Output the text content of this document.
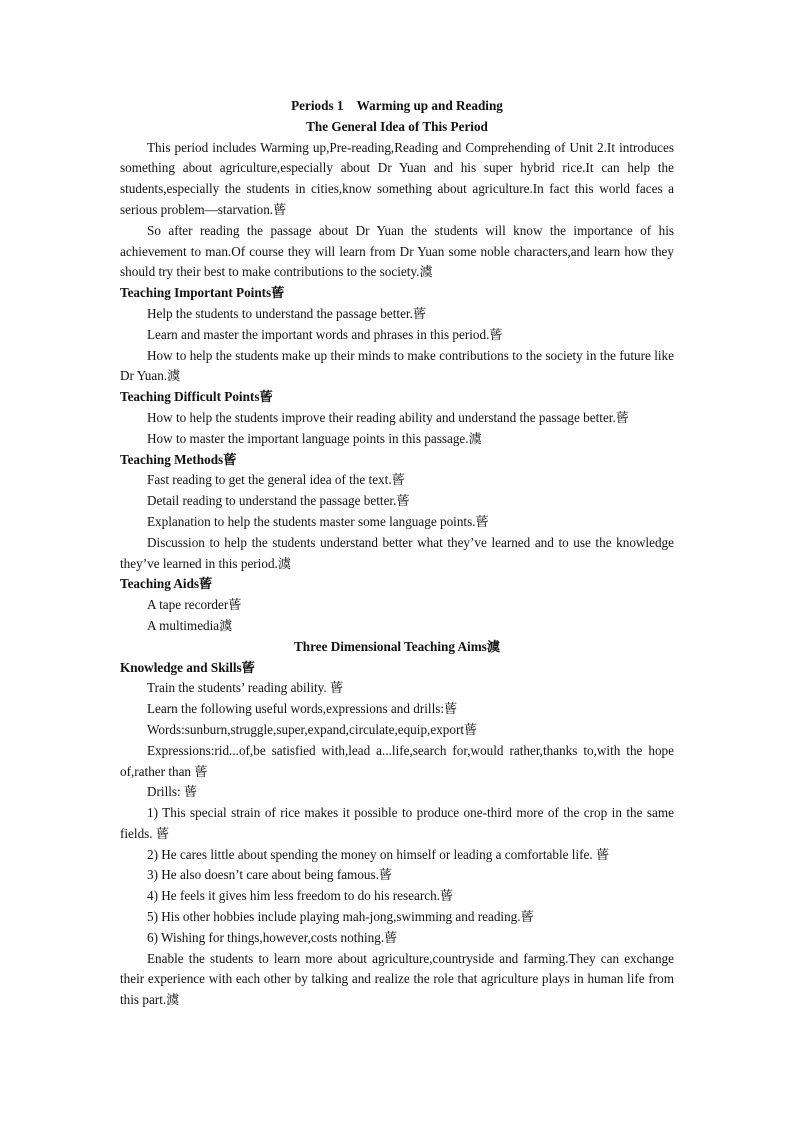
Periods 1    Warming up and Reading
The General Idea of This Period
This period includes Warming up,Pre-reading,Reading and Comprehending of Unit 2.It introduces something about agriculture,especially about Dr Yuan and his super hybrid rice.It can help the students,especially the students in cities,know something about agriculture.In fact this world faces a serious problem—starvation.蒈
So after reading the passage about Dr Yuan the students will know the importance of his achievement to man.Of course they will learn from Dr Yuan some noble characters,and learn how they should try their best to make contributions to the society.澞
Teaching Important Points蒈
Help the students to understand the passage better.蒈
Learn and master the important words and phrases in this period.蒈
How to help the students make up their minds to make contributions to the society in the future like Dr Yuan.澞
Teaching Difficult Points蒈
How to help the students improve their reading ability and understand the passage better.蒈
How to master the important language points in this passage.澞
Teaching Methods蒈
Fast reading to get the general idea of the text.蒈
Detail reading to understand the passage better.蒈
Explanation to help the students master some language points.蒈
Discussion to help the students understand better what they’ve learned and to use the knowledge they’ve learned in this period.澞
Teaching Aids蒈
A tape recorder蒈
A multimedia澞
Three Dimensional Teaching Aims澞
Knowledge and Skills蒈
Train the students’ reading ability. 蒈
Learn the following useful words,expressions and drills:蒈
Words:sunburn,struggle,super,expand,circulate,equip,export蒈
Expressions:rid...of,be satisfied with,lead a...life,search for,would rather,thanks to,with the hope of,rather than 蒈
Drills: 蒈
1) This special strain of rice makes it possible to produce one-third more of the crop in the same fields. 蒈
2) He cares little about spending the money on himself or leading a comfortable life. 蒈
3) He also doesn’t care about being famous.蒈
4) He feels it gives him less freedom to do his research.蒈
5) His other hobbies include playing mah-jong,swimming and reading.蒈
6) Wishing for things,however,costs nothing.蒈
Enable the students to learn more about agriculture,countryside and farming.They can exchange their experience with each other by talking and realize the role that agriculture plays in human life from this part.澞
